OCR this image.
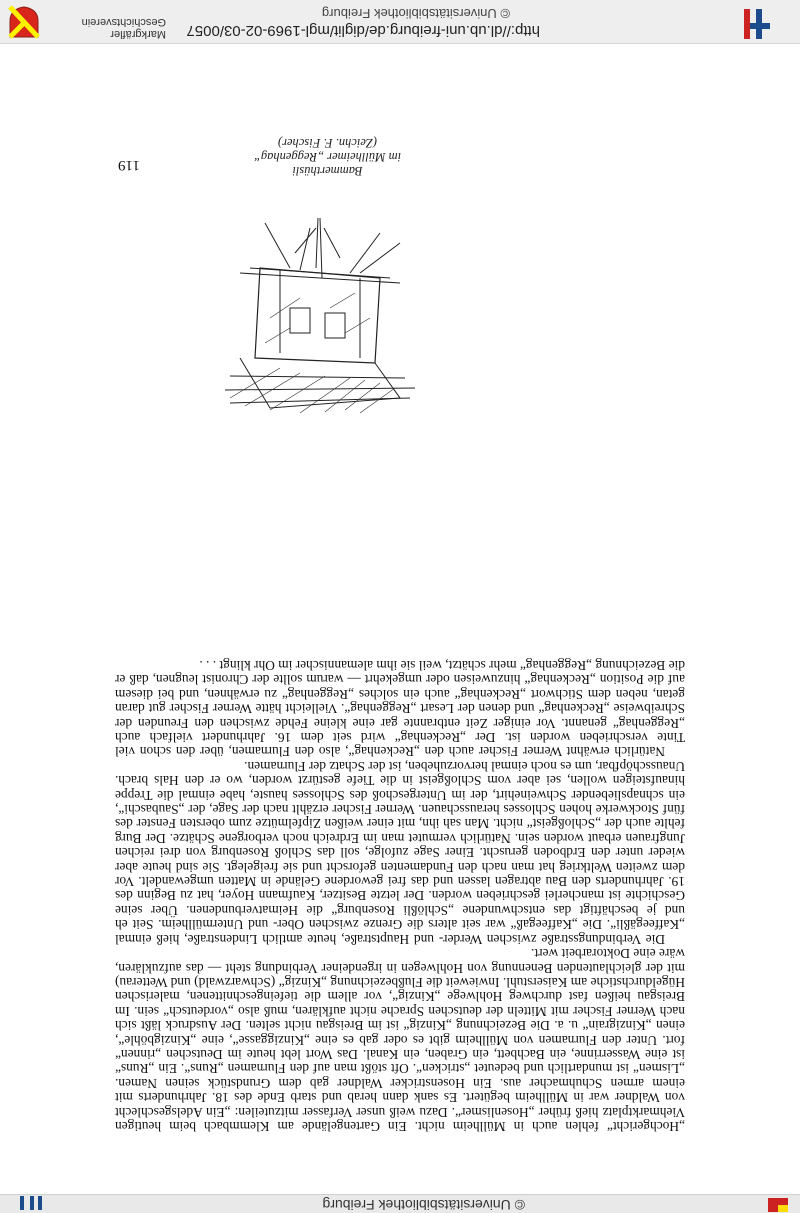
© Universitätsbibliothek Freiburg

„Hochgericht“ fehlen auch in Müllheim nicht. Ein Gartengelände am Klemmbach beim heutigen Viehmarktplatz hieß früher „Hosenlismer“. Dazu weiß unser Verfasser mitzuteilen: „Ein Adelsgeschlecht von Waldner war in Müllheim begütert. Es sank dann herab und starb Ende des 18. Jahrhunderts mit einem armen Schuhmacher aus. Ein Hosenstricker Waldner gab dem Grundstück seinen Namen. „Lismen“ ist mundartlich und bedeutet „stricken“. Oft stößt man auf den Flurnamen „Runs“. Ein „Runs“ ist eine Wasserrinne, ein Bachbett, ein Graben, ein Kanal. Das Wort lebt heute im Deutschen „rinnen“ fort. Unter den Flurnamen von Müllheim gibt es oder gab es eine „Kinziggasse“, eine „Kinzigböhle“, einen „Kinzigrain“ u. a. Die Bezeichnung „Kinzig“ ist im Breisgau nicht selten. Der Ausdruck läßt sich nach Werner Fischer mit Mitteln der deutschen Sprache nicht aufklären, muß also „vordeutsch“ sein. Im Breisgau heißen fast durchweg Hohlwege „Kinzig“, vor allem die tiefeingeschnittenen, malerischen Hügeldurchstiche am Kaiserstuhl. Inwieweit die Flußbezeichnung „Kinzig“ (Schwarzwald) und Wetterau) mit der gleichlautenden Benennung von Hohlwegen in irgendeiner Verbindung steht — das aufzuklären, wäre eine Doktorarbeit wert.

Die Verbindungsstraße zwischen Werder- und Hauptstraße, heute amtlich Lindenstraße, hieß einmal „Kaffeegäßli“. Die „Kaffeegaß“ war seit alters die Grenze zwischen Ober- und Untermüllheim. Seit eh und je beschäftigt das entschwundene „Schlößli Rosenburg“ die Heimatverbundenen. Über seine Geschichte ist mancherlei geschrieben worden. Der letzte Besitzer, Kaufmann Hoyer, hat zu Beginn des 19. Jahrhunderts den Bau abtragen lassen und das frei gewordene Gelände in Matten umgewandelt. Vor dem zweiten Weltkrieg hat man nach den Fundamenten geforscht und sie freigelegt. Sie sind heute aber wieder unter den Erdboden geruscht. Einer Sage zufolge, soll das Schloß Rosenburg von drei reichen Jungfrauen erbaut worden sein. Natürlich vermutet man im Erdreich noch verborgene Schätze. Der Burg fehlte auch der „Schloßgeist“ nicht. Man sah ihn, mit einer weißen Zipfelmütze zum obersten Fenster des fünf Stockwerke hohen Schlosses herausschauen. Werner Fischer erzählt nach der Sage, der „Saubaschi“, ein schnapsliebender Schweinehirt, der im Untergeschoß des Schlosses hauste, habe einmal die Treppe hinaufsteigen wollen, sei aber vom Schloßgeist in die Tiefe gestürzt worden, wo er den Hals brach. Unausschöpfbar, um es noch einmal hervorzuheben, ist der Schatz der Flurnamen.

Natürlich erwähnt Werner Fischer auch den „Reckenhag“, also den Flurnamen, über den schon viel Tinte verschrieben worden ist. Der „Reckenhag“ wird seit dem 16. Jahrhundert vielfach auch „Reggenhag“ genannt. Vor einiger Zeit entbrannte gar eine kleine Fehde zwischen den Freunden der Schreibweise „Reckenhag“ und denen der Lesart „Reggenhag“. Vielleicht hätte Werner Fischer gut daran getan, neben dem Stichwort „Reckenhag“ auch ein solches „Reggenhag“ zu erwähnen, und bei diesem auf die Position „Reckenhag“ hinzuweisen oder umgekehrt — warum sollte der Chronist leugnen, daß er die Bezeichnung „Reggenhag“ mehr schätzt, weil sie ihm alemannischer im Ohr klingt . . .

Bammerthüsli
im Müllheimer „Reggenhag“
(Zeichn. F. Fischer)
119
http://dl.ub.uni-freiburg.de/diglit/mgl-1969-02-03/0057
© Universitätsbibliothek Freiburg
Markgräfler
Geschichtsverein
